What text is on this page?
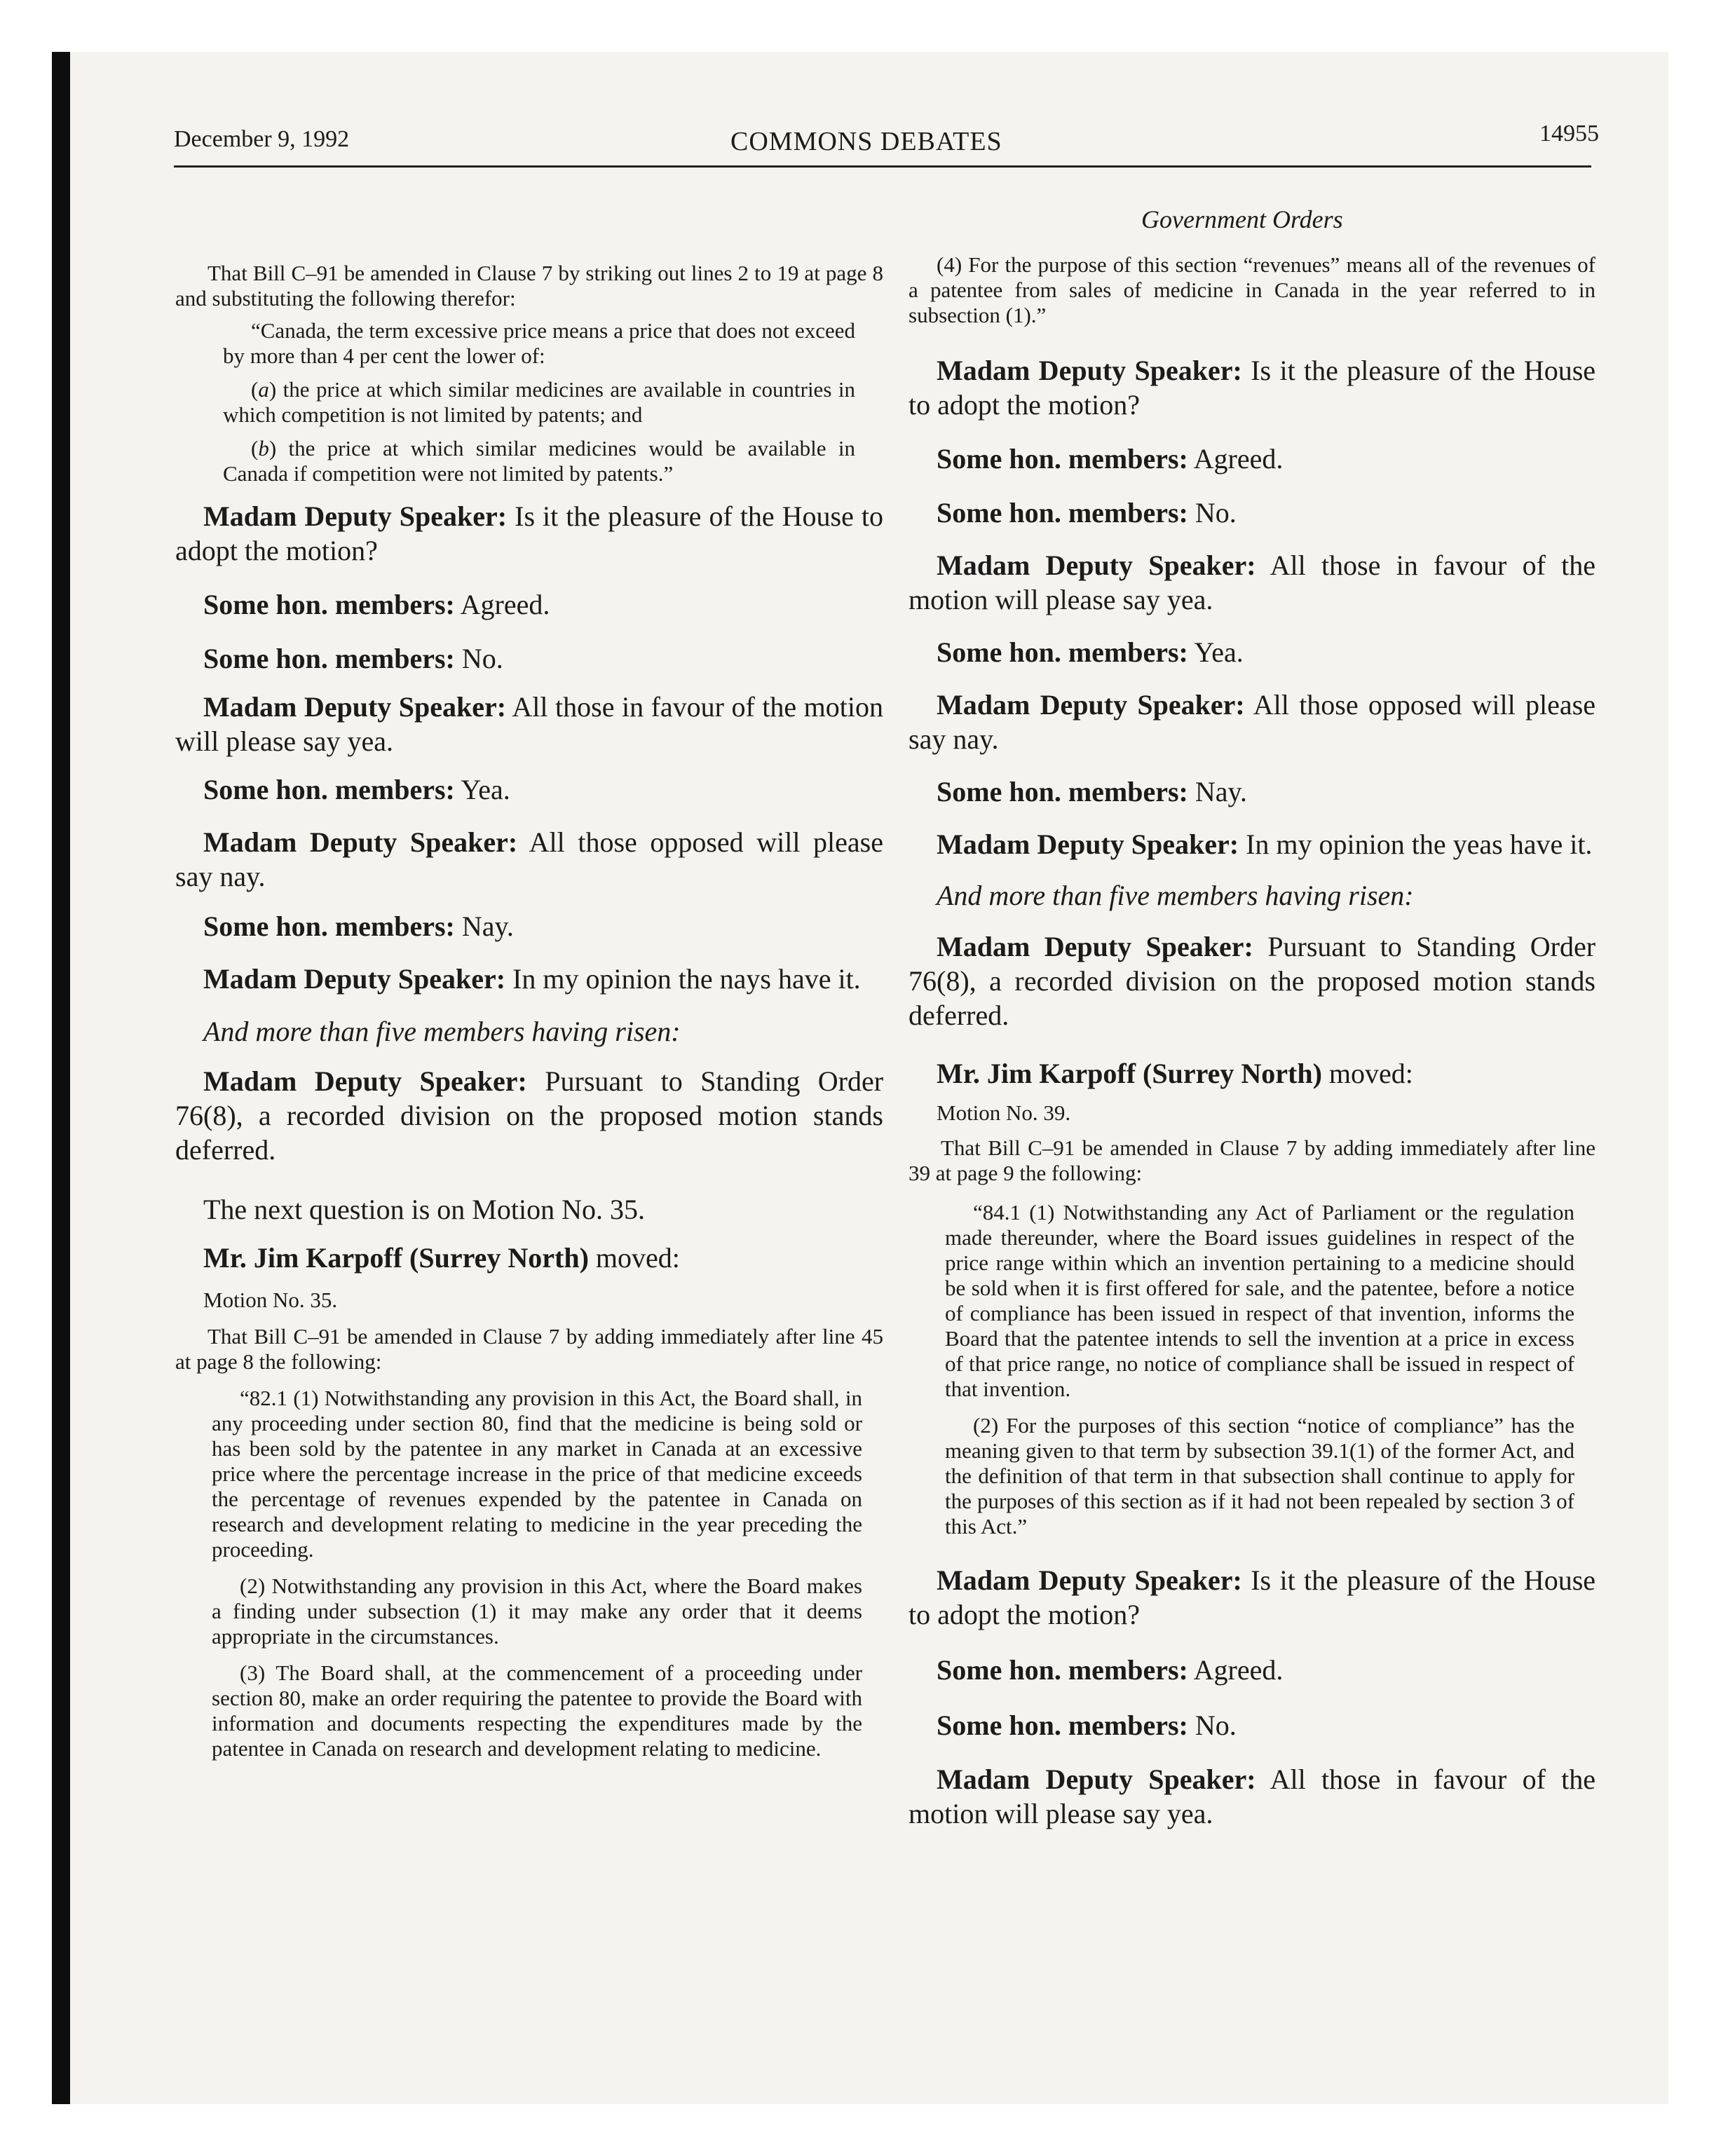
December 9, 1992	COMMONS DEBATES	14955
Government Orders

That Bill C–91 be amended in Clause 7 by striking out lines 2 to 19 at page 8 and substituting the following therefor:

“Canada, the term excessive price means a price that does not exceed by more than 4 per cent the lower of:

(a) the price at which similar medicines are available in countries in which competition is not limited by patents; and

(b) the price at which similar medicines would be available in Canada if competition were not limited by patents.”

Madam Deputy Speaker: Is it the pleasure of the House to adopt the motion?

Some hon. members: Agreed.

Some hon. members: No.

Madam Deputy Speaker: All those in favour of the motion will please say yea.

Some hon. members: Yea.

Madam Deputy Speaker: All those opposed will please say nay.

Some hon. members: Nay.

Madam Deputy Speaker: In my opinion the nays have it.

And more than five members having risen:

Madam Deputy Speaker: Pursuant to Standing Order 76(8), a recorded division on the proposed motion stands deferred.

The next question is on Motion No. 35.

Mr. Jim Karpoff (Surrey North) moved:

Motion No. 35.

That Bill C–91 be amended in Clause 7 by adding immediately after line 45 at page 8 the following:

“82.1 (1) Notwithstanding any provision in this Act, the Board shall, in any proceeding under section 80, find that the medicine is being sold or has been sold by the patentee in any market in Canada at an excessive price where the percentage increase in the price of that medicine exceeds the percentage of revenues expended by the patentee in Canada on research and development relating to medicine in the year preceding the proceeding.

(2) Notwithstanding any provision in this Act, where the Board makes a finding under subsection (1) it may make any order that it deems appropriate in the circumstances.

(3) The Board shall, at the commencement of a proceeding under section 80, make an order requiring the patentee to provide the Board with information and documents respecting the expenditures made by the patentee in Canada on research and development relating to medicine.

(4) For the purpose of this section “revenues” means all of the revenues of a patentee from sales of medicine in Canada in the year referred to in subsection (1).”

Madam Deputy Speaker: Is it the pleasure of the House to adopt the motion?

Some hon. members: Agreed.

Some hon. members: No.

Madam Deputy Speaker: All those in favour of the motion will please say yea.

Some hon. members: Yea.

Madam Deputy Speaker: All those opposed will please say nay.

Some hon. members: Nay.

Madam Deputy Speaker: In my opinion the yeas have it.

And more than five members having risen:

Madam Deputy Speaker: Pursuant to Standing Order 76(8), a recorded division on the proposed motion stands deferred.

Mr. Jim Karpoff (Surrey North) moved:

Motion No. 39.

That Bill C–91 be amended in Clause 7 by adding immediately after line 39 at page 9 the following:

“84.1 (1) Notwithstanding any Act of Parliament or the regulation made thereunder, where the Board issues guidelines in respect of the price range within which an invention pertaining to a medicine should be sold when it is first offered for sale, and the patentee, before a notice of compliance has been issued in respect of that invention, informs the Board that the patentee intends to sell the invention at a price in excess of that price range, no notice of compliance shall be issued in respect of that invention.

(2) For the purposes of this section “notice of compliance” has the meaning given to that term by subsection 39.1(1) of the former Act, and the definition of that term in that subsection shall continue to apply for the purposes of this section as if it had not been repealed by section 3 of this Act.”

Madam Deputy Speaker: Is it the pleasure of the House to adopt the motion?

Some hon. members: Agreed.

Some hon. members: No.

Madam Deputy Speaker: All those in favour of the motion will please say yea.
